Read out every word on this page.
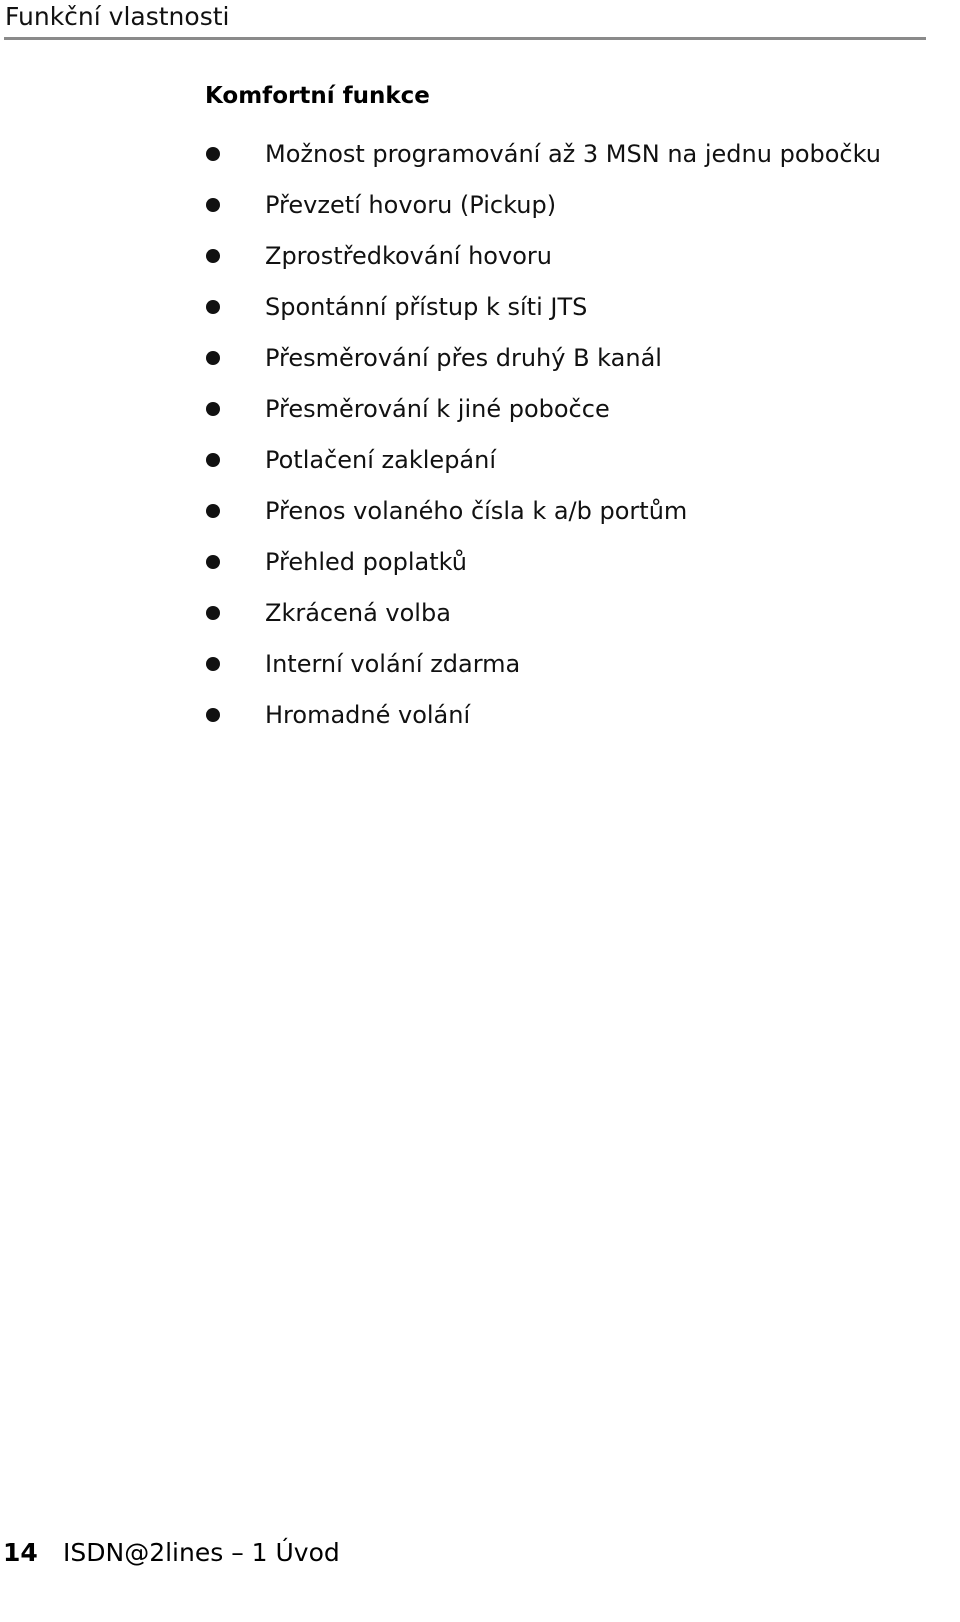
Funkční vlastnosti
Komfortní funkce
Možnost programování až 3 MSN na jednu pobočku
Převzetí hovoru (Pickup)
Zprostředkování hovoru
Spontánní přístup k síti JTS
Přesměrování přes druhý B kanál
Přesměrování k jiné pobočce
Potlačení zaklepání
Přenos volaného čísla k a/b portům
Přehled poplatků
Zkrácená volba
Interní volání zdarma
Hromadné volání
14 ISDN@2lines – 1 Úvod
